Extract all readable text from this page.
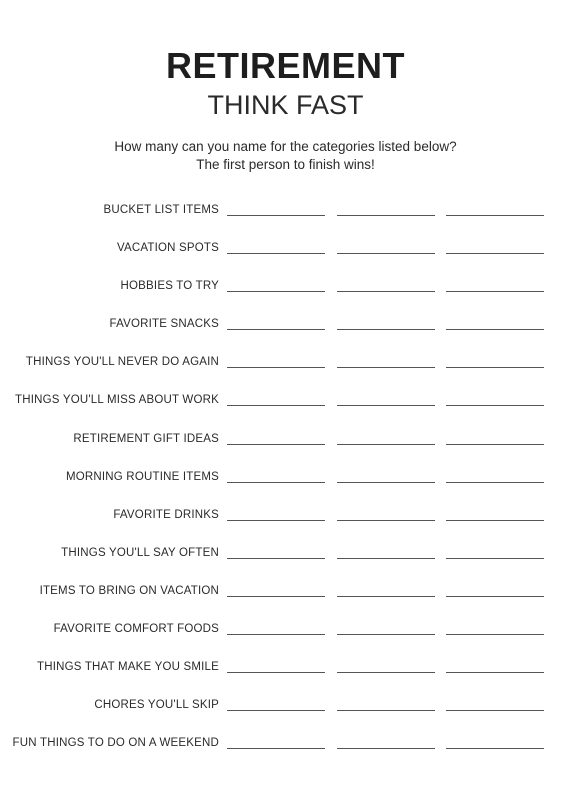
RETIREMENT
THINK FAST
How many can you name for the categories listed below?
The first person to finish wins!
BUCKET LIST ITEMS
VACATION SPOTS
HOBBIES TO TRY
FAVORITE SNACKS
THINGS YOU'LL NEVER DO AGAIN
THINGS YOU'LL MISS ABOUT WORK
RETIREMENT GIFT IDEAS
MORNING ROUTINE ITEMS
FAVORITE DRINKS
THINGS YOU'LL SAY OFTEN
ITEMS TO BRING ON VACATION
FAVORITE COMFORT FOODS
THINGS THAT MAKE YOU SMILE
CHORES YOU'LL SKIP
FUN THINGS TO DO ON A WEEKEND
